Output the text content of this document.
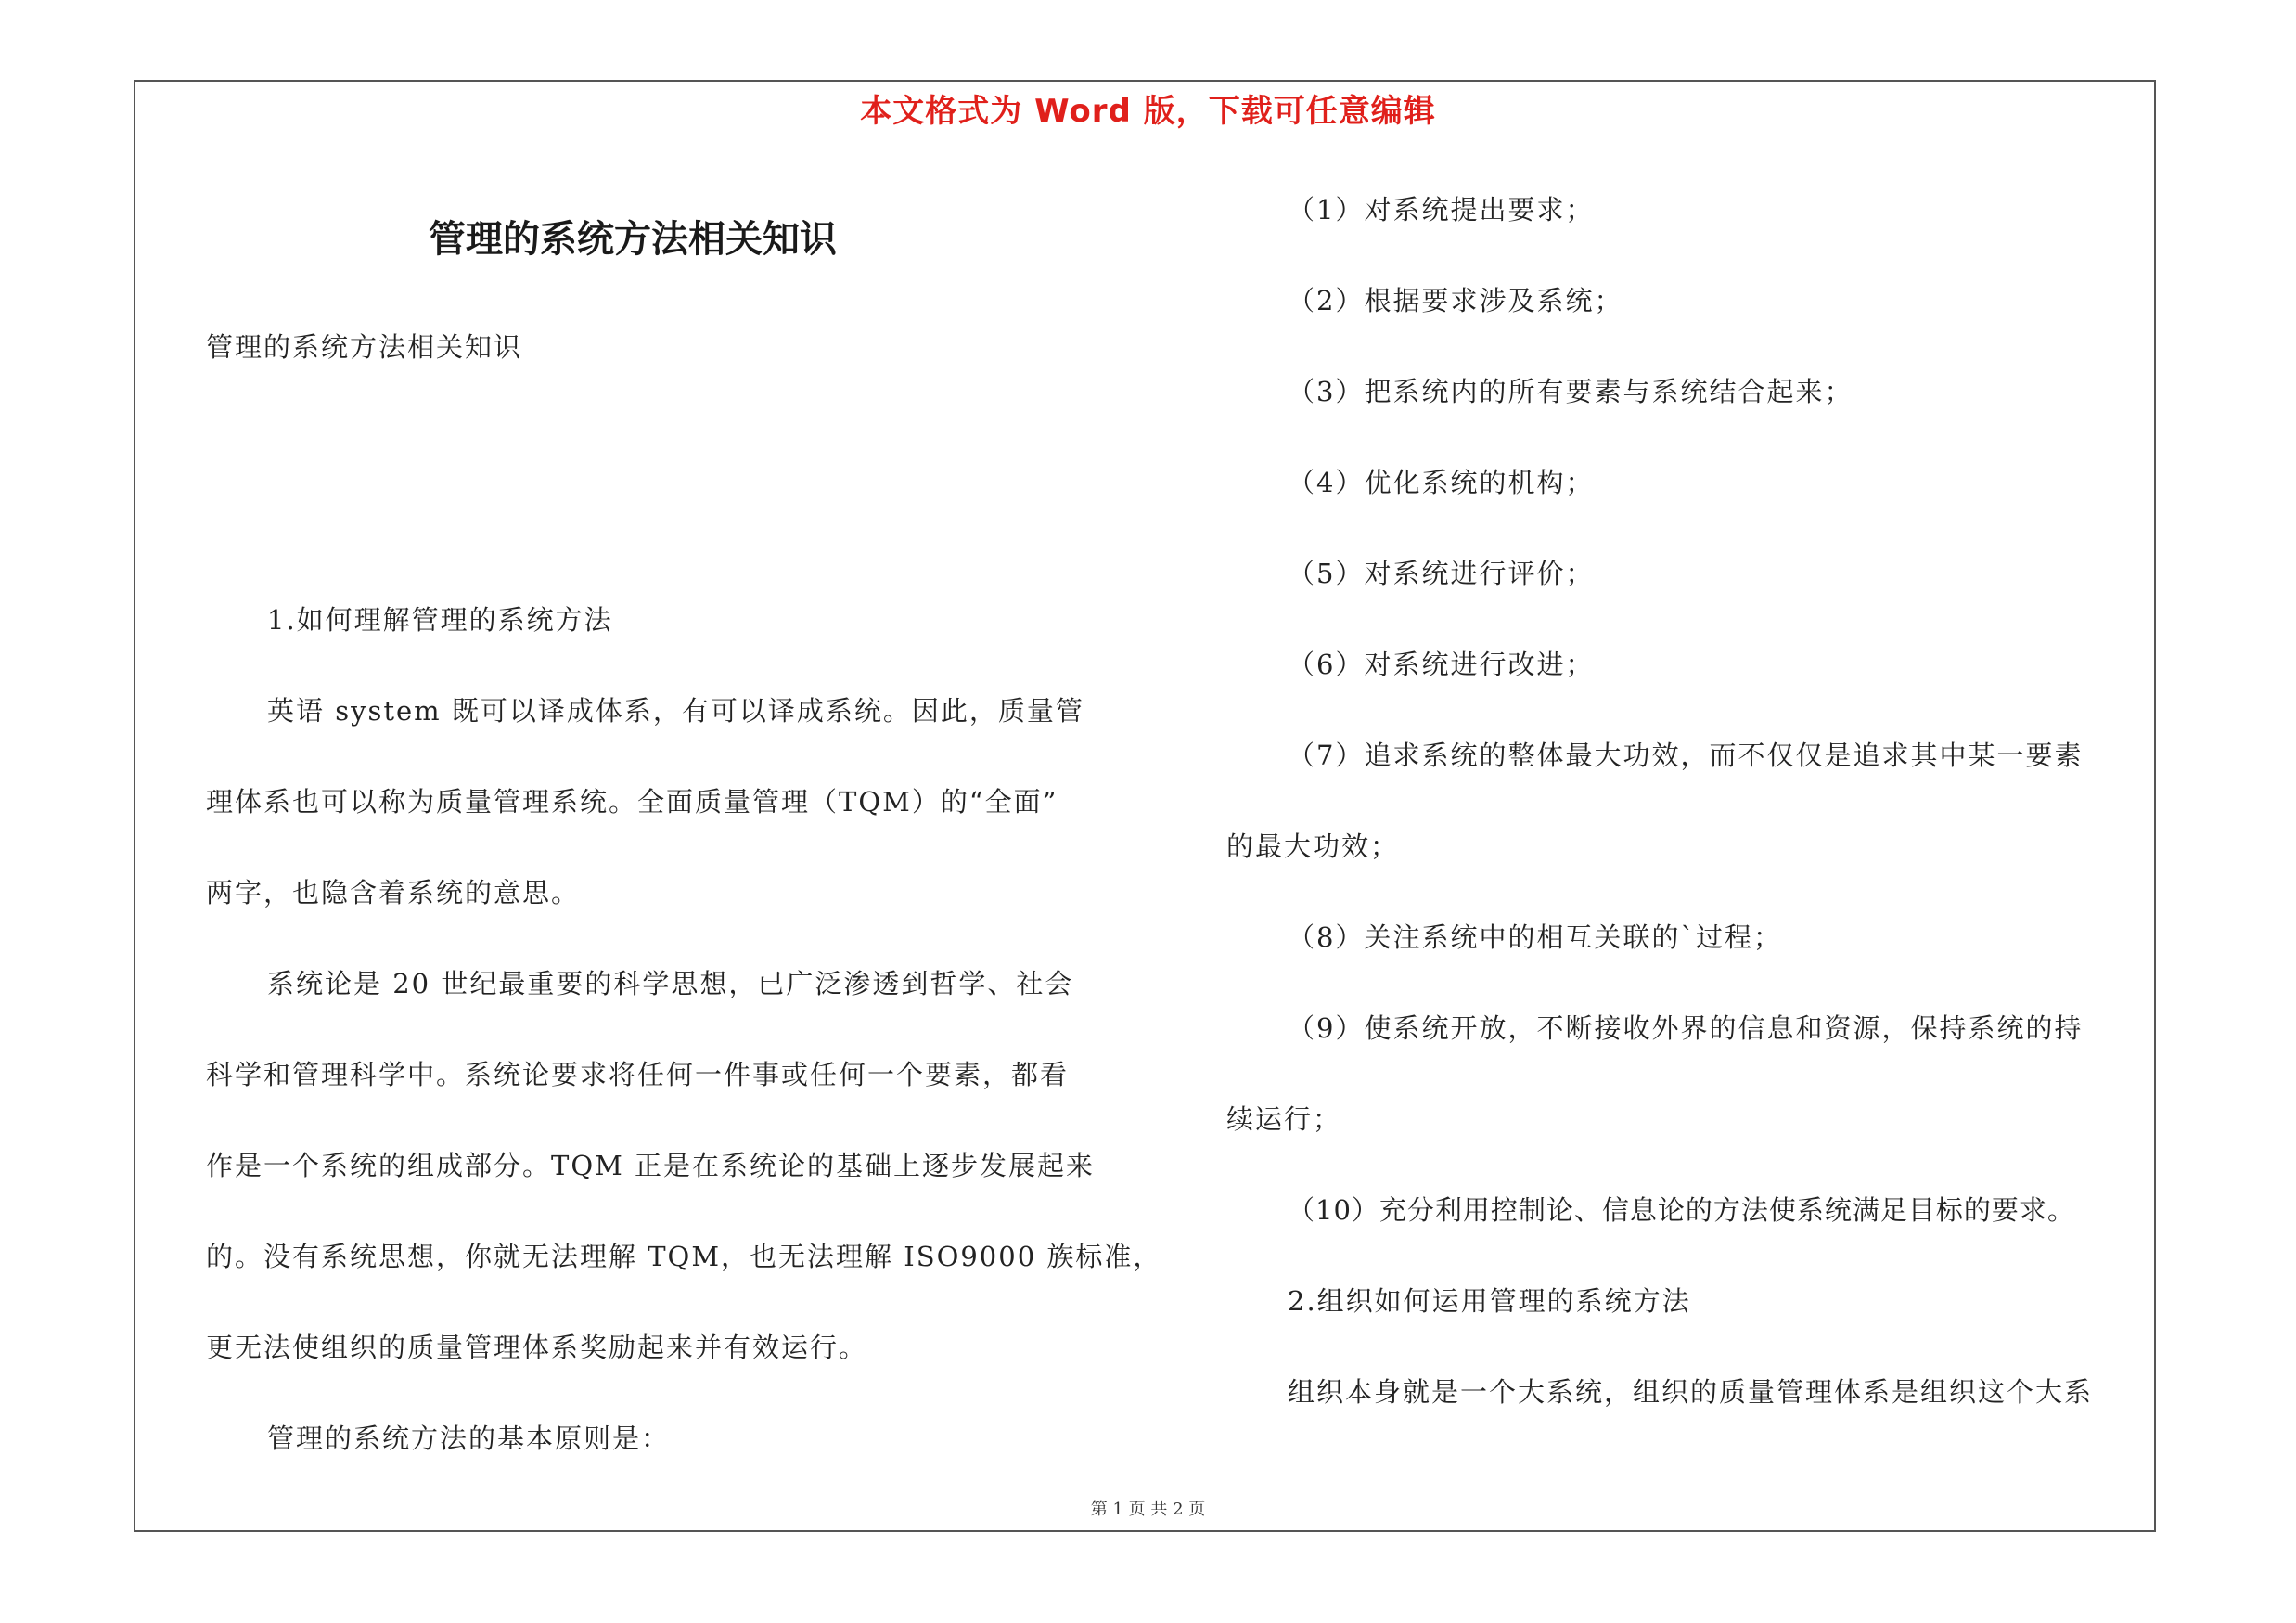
本文格式为 Word 版，下载可任意编辑
管理的系统方法相关知识
管理的系统方法相关知识
1.如何理解管理的系统方法
英语 system 既可以译成体系，有可以译成系统。因此，质量管
理体系也可以称为质量管理系统。全面质量管理（TQM）的“全面”
两字，也隐含着系统的意思。
系统论是 20 世纪最重要的科学思想，已广泛渗透到哲学、社会
科学和管理科学中。系统论要求将任何一件事或任何一个要素，都看
作是一个系统的组成部分。TQM 正是在系统论的基础上逐步发展起来
的。没有系统思想，你就无法理解 TQM，也无法理解 ISO9000 族标准，
更无法使组织的质量管理体系奖励起来并有效运行。
管理的系统方法的基本原则是：
（1）对系统提出要求；
（2）根据要求涉及系统；
（3）把系统内的所有要素与系统结合起来；
（4）优化系统的机构；
（5）对系统进行评价；
（6）对系统进行改进；
（7）追求系统的整体最大功效，而不仅仅是追求其中某一要素
的最大功效；
（8）关注系统中的相互关联的`过程；
（9）使系统开放，不断接收外界的信息和资源，保持系统的持
续运行；
（10）充分利用控制论、信息论的方法使系统满足目标的要求。
2.组织如何运用管理的系统方法
组织本身就是一个大系统，组织的质量管理体系是组织这个大系
第 1 页 共 2 页
